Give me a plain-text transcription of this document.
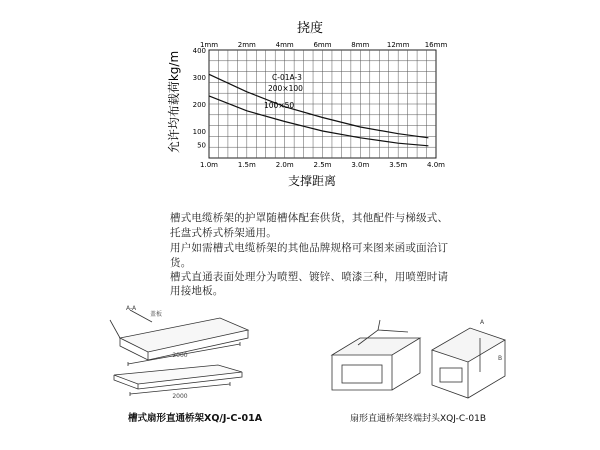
1.0m	1.5m	2.0m	2.5m	3.0m	3.5m	4.0m
1mm	2mm	4mm	6mm	8mm	12mm 16mm
400
300
200
100
50
挠度
支撑距离
允许均布载荷kg/m	C-01A-3
200×100
100×50
槽式电缆桥架的护罩随槽体配套供货，其他配件与梯级式、
托盘式桥式桥架通用。
用户如需槽式电缆桥架的其他品牌规格可来图来函或面洽订
货。
槽式直通表面处理分为喷塑、镀锌、喷漆三种，用喷塑时请
用接地板。
A-A
盖板
2000
2000
槽式扇形直通桥架XQ/J-C-01A
A
B
扇形直通桥架终端封头XQJ-C-01B
